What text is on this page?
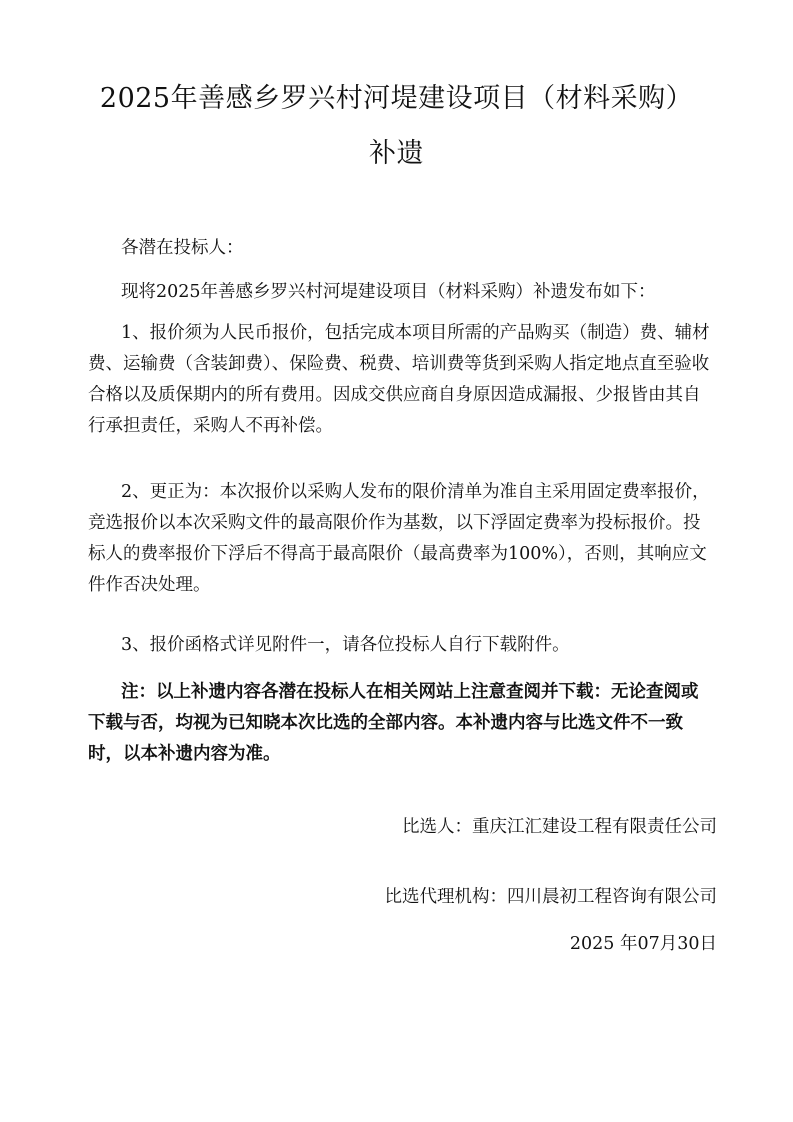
2025年善感乡罗兴村河堤建设项目（材料采购）
补遗

各潜在投标人：

现将2025年善感乡罗兴村河堤建设项目（材料采购）补遗发布如下：

1、报价须为人民币报价，包括完成本项目所需的产品购买（制造）费、辅材费、运输费（含装卸费）、保险费、税费、培训费等货到采购人指定地点直至验收合格以及质保期内的所有费用。因成交供应商自身原因造成漏报、少报皆由其自行承担责任，采购人不再补偿。

2、更正为：本次报价以采购人发布的限价清单为准自主采用固定费率报价，竞选报价以本次采购文件的最高限价作为基数，以下浮固定费率为投标报价。投标人的费率报价下浮后不得高于最高限价（最高费率为100%），否则，其响应文件作否决处理。

3、报价函格式详见附件一，请各位投标人自行下载附件。

注：以上补遗内容各潜在投标人在相关网站上注意查阅并下载：无论查阅或下载与否，均视为已知晓本次比选的全部内容。本补遗内容与比选文件不一致时，以本补遗内容为准。

比选人：重庆江汇建设工程有限责任公司

比选代理机构：四川晨初工程咨询有限公司

2025 年07月30日
